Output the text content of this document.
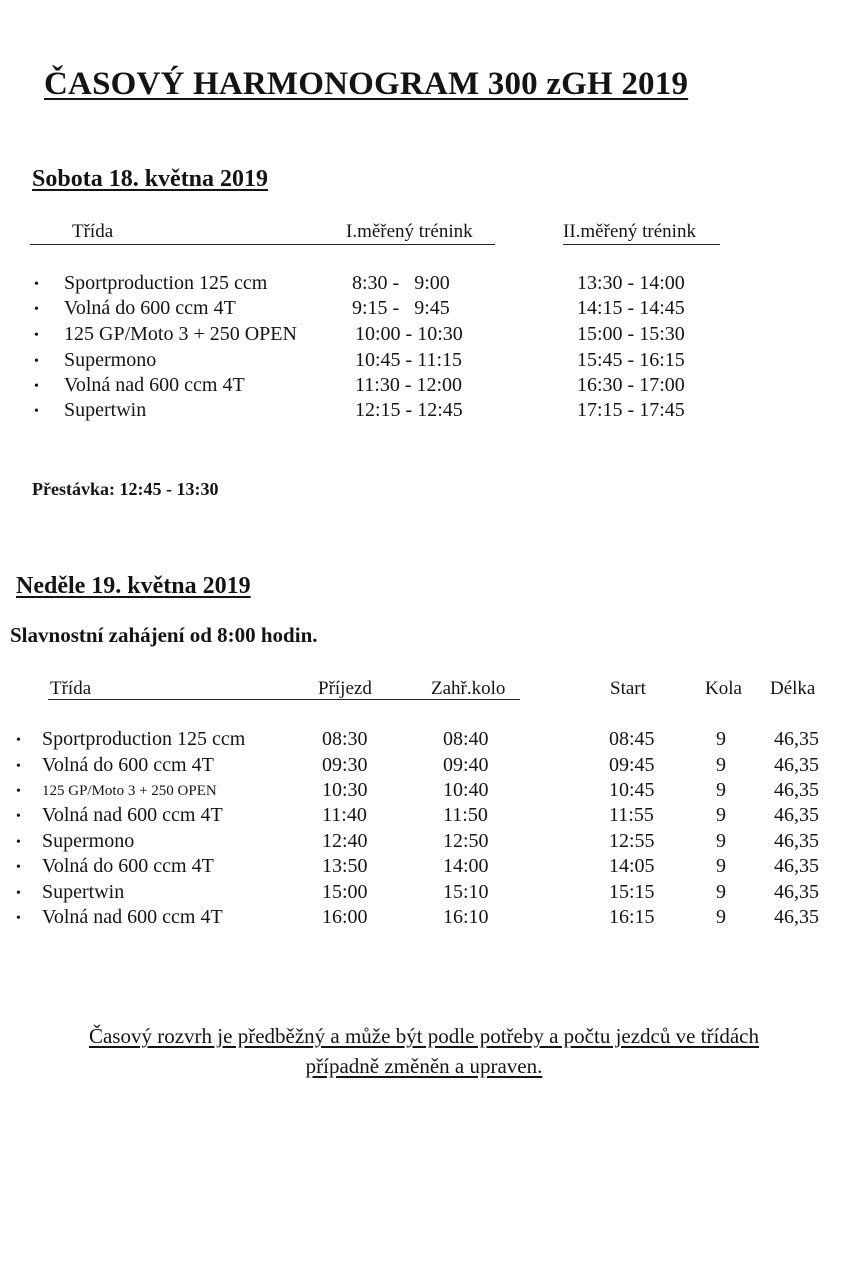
ČASOVÝ HARMONOGRAM 300 zGH 2019
Sobota 18. května 2019
Třída	I.měřený trénink	II.měřený trénink
• Sportproduction 125 ccm	8:30 -   9:00	13:30 - 14:00
• Volná do 600 ccm 4T	9:15 -   9:45	14:15 - 14:45
• 125 GP/Moto 3 + 250 OPEN	10:00 - 10:30	15:00 - 15:30
• Supermono	10:45 - 11:15	15:45 - 16:15
• Volná nad 600 ccm 4T	11:30 - 12:00	16:30 - 17:00
• Supertwin	12:15 - 12:45	17:15 - 17:45
Přestávka: 12:45 - 13:30
Neděle 19. května 2019
Slavnostní zahájení od 8:00 hodin.
Třída	Příjezd	Zahř.kolo	Start	Kola Délka
• Sportproduction 125 ccm	08:30	08:40	08:45	9 46,35
• Volná do 600 ccm 4T	09:30	09:40	09:45	9 46,35
• 125 GP/Moto 3 + 250 OPEN	10:30	10:40	10:45	9 46,35
• Volná nad 600 ccm 4T	11:40	11:50	11:55	9 46,35
• Supermono	12:40	12:50	12:55	9 46,35
• Volná do 600 ccm 4T	13:50	14:00	14:05	9 46,35
• Supertwin	15:00	15:10	15:15	9 46,35
• Volná nad 600 ccm 4T	16:00	16:10	16:15	9 46,35
Časový rozvrh je předběžný a může být podle potřeby a počtu jezdců ve třídách
případně změněn a upraven.
